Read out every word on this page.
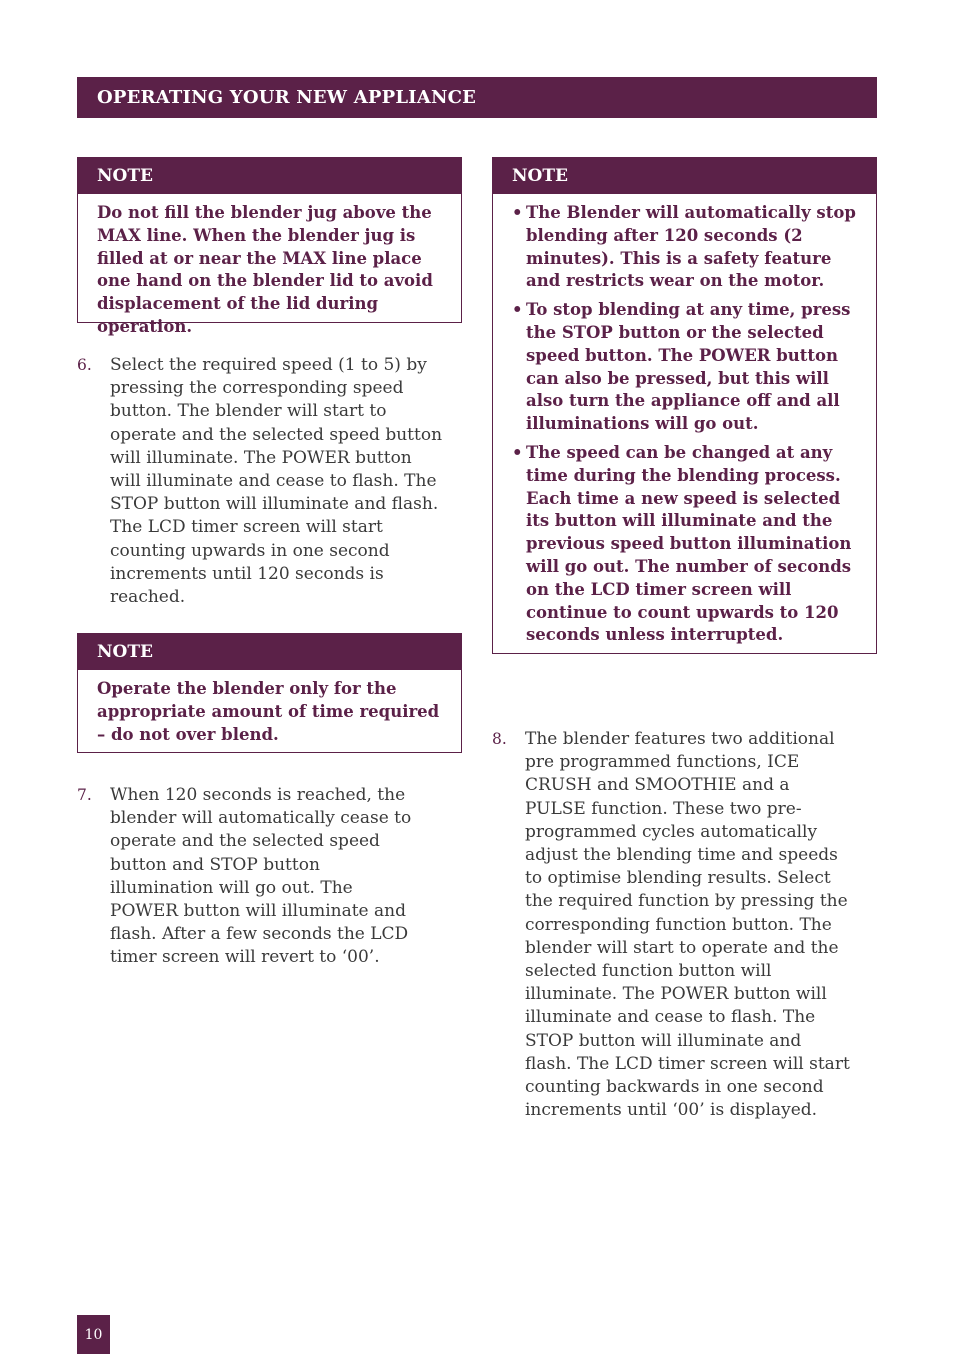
OPERATING YOUR NEW APPLIANCE
NOTE

Do not fill the blender jug above the MAX line. When the blender jug is filled at or near the MAX line place one hand on the blender lid to avoid displacement of the lid during operation.

6. Select the required speed (1 to 5) by pressing the corresponding speed button. The blender will start to operate and the selected speed button will illuminate. The POWER button will illuminate and cease to flash. The STOP button will illuminate and flash. The LCD timer screen will start counting upwards in one second increments until 120 seconds is reached.
NOTE

Operate the blender only for the appropriate amount of time required – do not over blend.

7. When 120 seconds is reached, the blender will automatically cease to operate and the selected speed button and STOP button illumination will go out. The POWER button will illuminate and flash. After a few seconds the LCD timer screen will revert to ‘00’.
NOTE
• The Blender will automatically stop blending after 120 seconds (2 minutes). This is a safety feature and restricts wear on the motor.
• To stop blending at any time, press the STOP button or the selected speed button. The POWER button can also be pressed, but this will also turn the appliance off and all illuminations will go out.
• The speed can be changed at any time during the blending process. Each time a new speed is selected its button will illuminate and the previous speed button illumination will go out. The number of seconds on the LCD timer screen will continue to count upwards to 120 seconds unless interrupted.
8. The blender features two additional pre programmed functions, ICE CRUSH and SMOOTHIE and a PULSE function. These two pre-programmed cycles automatically adjust the blending time and speeds to optimise blending results. Select the required function by pressing the corresponding function button. The blender will start to operate and the selected function button will illuminate. The POWER button will illuminate and cease to flash. The STOP button will illuminate and flash. The LCD timer screen will start counting backwards in one second increments until ‘00’ is displayed.
10
